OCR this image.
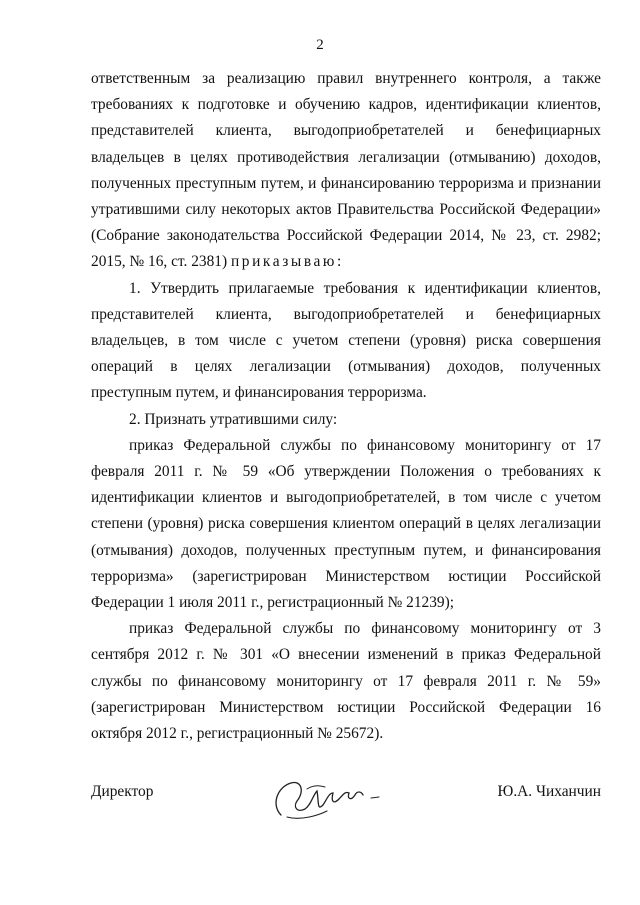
2

ответственным за реализацию правил внутреннего контроля, а также требованиях к подготовке и обучению кадров, идентификации клиентов, представителей клиента, выгодоприобретателей и бенефициарных владельцев в целях противодействия легализации (отмыванию) доходов, полученных преступным путем, и финансированию терроризма и признании утратившими силу некоторых актов Правительства Российской Федерации» (Собрание законодательства Российской Федерации 2014, № 23, ст. 2982; 2015, № 16, ст. 2381) приказываю:

1. Утвердить прилагаемые требования к идентификации клиентов, представителей клиента, выгодоприобретателей и бенефициарных владельцев, в том числе с учетом степени (уровня) риска совершения операций в целях легализации (отмывания) доходов, полученных преступным путем, и финансирования терроризма.

2. Признать утратившими силу:

приказ Федеральной службы по финансовому мониторингу от 17 февраля 2011 г. № 59 «Об утверждении Положения о требованиях к идентификации клиентов и выгодоприобретателей, в том числе с учетом степени (уровня) риска совершения клиентом операций в целях легализации (отмывания) доходов, полученных преступным путем, и финансирования терроризма» (зарегистрирован Министерством юстиции Российской Федерации 1 июля 2011 г., регистрационный № 21239);

приказ Федеральной службы по финансовому мониторингу от 3 сентября 2012 г. № 301 «О внесении изменений в приказ Федеральной службы по финансовому мониторингу от 17 февраля 2011 г. № 59» (зарегистрирован Министерством юстиции Российской Федерации 16 октября 2012 г., регистрационный № 25672).

Директор	Ю.А. Чиханчин
